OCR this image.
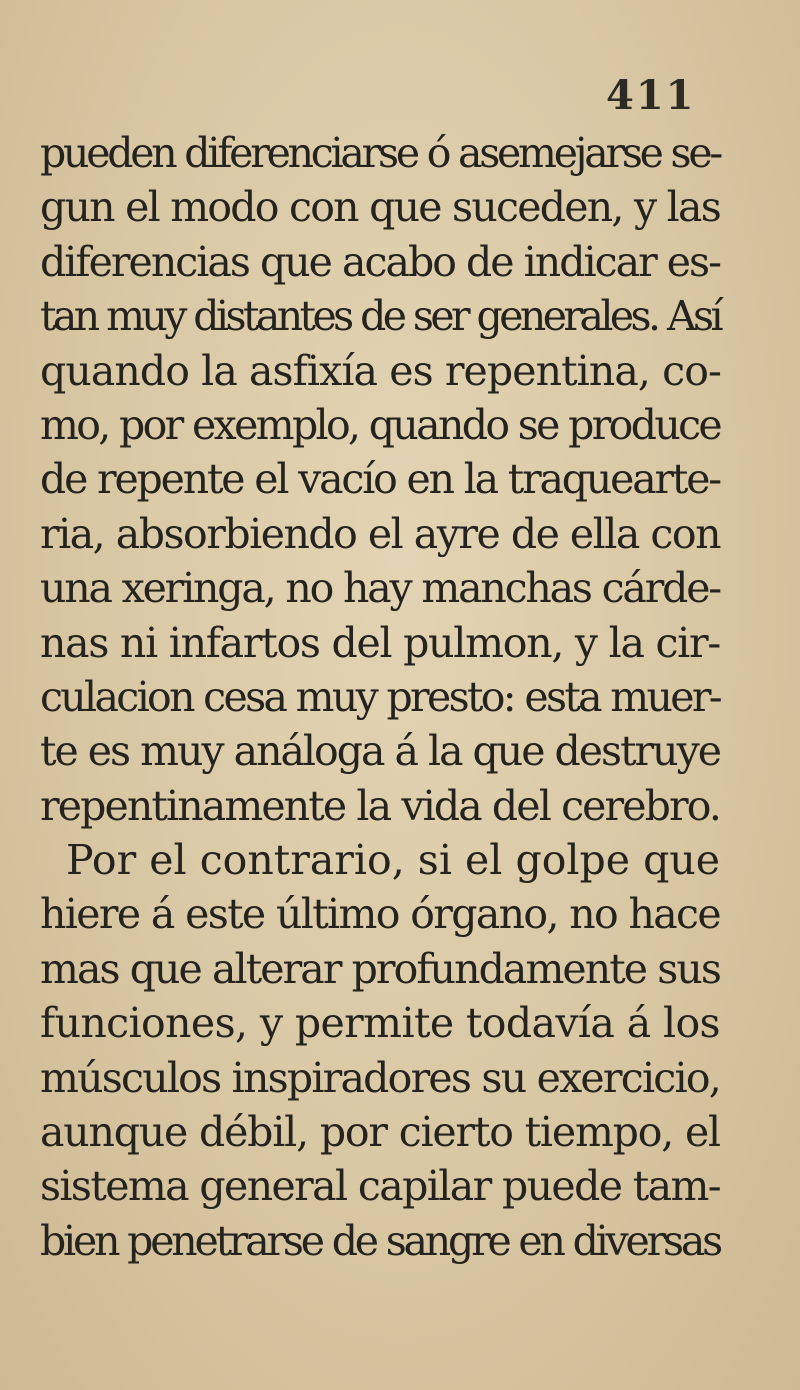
411
pueden diferenciarse ó asemejarse se-
gun el modo con que suceden, y las
diferencias que acabo de indicar es-
tan muy distantes de ser generales. Así
quando la asfixía es repentina, co-
mo, por exemplo, quando se produce
de repente el vacío en la traquearte-
ria, absorbiendo el ayre de ella con
una xeringa, no hay manchas cárde-
nas ni infartos del pulmon, y la cir-
culacion cesa muy presto: esta muer-
te es muy análoga á la que destruye
repentinamente la vida del cerebro.
Por el contrario, si el golpe que
hiere á este último órgano, no hace
mas que alterar profundamente sus
funciones, y permite todavía á los
músculos inspiradores su exercicio,
aunque débil, por cierto tiempo, el
sistema general capilar puede tam-
bien penetrarse de sangre en diversas
